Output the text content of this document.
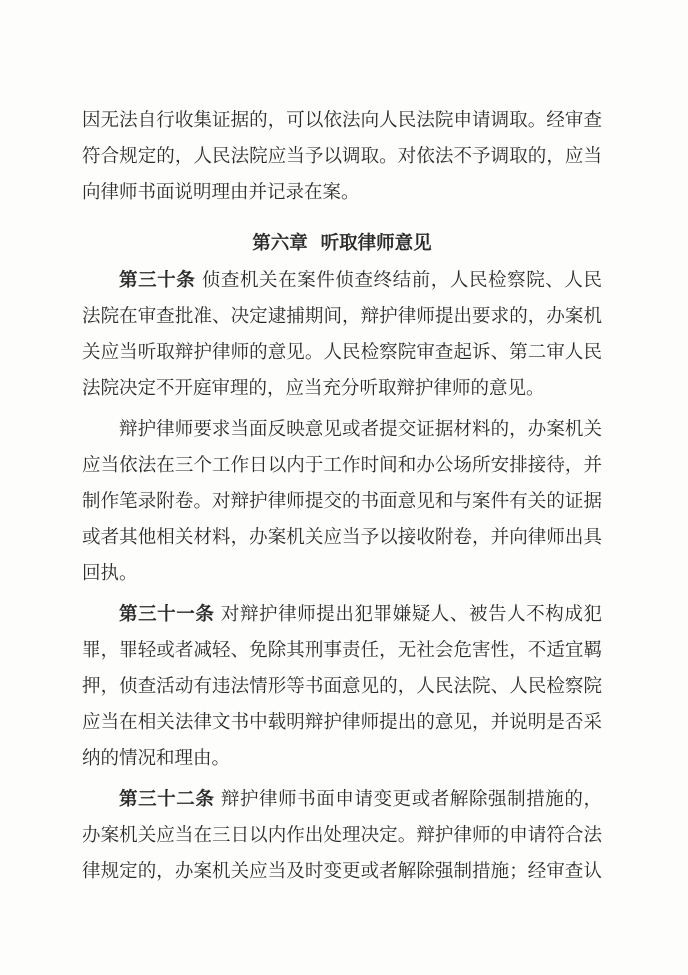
因无法自行收集证据的，可以依法向人民法院申请调取。经审查
符合规定的，人民法院应当予以调取。对依法不予调取的，应当
向律师书面说明理由并记录在案。
第六章  听取律师意见
第三十条 侦查机关在案件侦查终结前，人民检察院、人民
法院在审查批准、决定逮捕期间，辩护律师提出要求的，办案机
关应当听取辩护律师的意见。人民检察院审查起诉、第二审人民
法院决定不开庭审理的，应当充分听取辩护律师的意见。
辩护律师要求当面反映意见或者提交证据材料的，办案机关
应当依法在三个工作日以内于工作时间和办公场所安排接待，并
制作笔录附卷。对辩护律师提交的书面意见和与案件有关的证据
或者其他相关材料，办案机关应当予以接收附卷，并向律师出具
回执。
第三十一条 对辩护律师提出犯罪嫌疑人、被告人不构成犯
罪，罪轻或者减轻、免除其刑事责任，无社会危害性，不适宜羁
押，侦查活动有违法情形等书面意见的，人民法院、人民检察院
应当在相关法律文书中载明辩护律师提出的意见，并说明是否采
纳的情况和理由。
第三十二条 辩护律师书面申请变更或者解除强制措施的，
办案机关应当在三日以内作出处理决定。辩护律师的申请符合法
律规定的，办案机关应当及时变更或者解除强制措施；经审查认
